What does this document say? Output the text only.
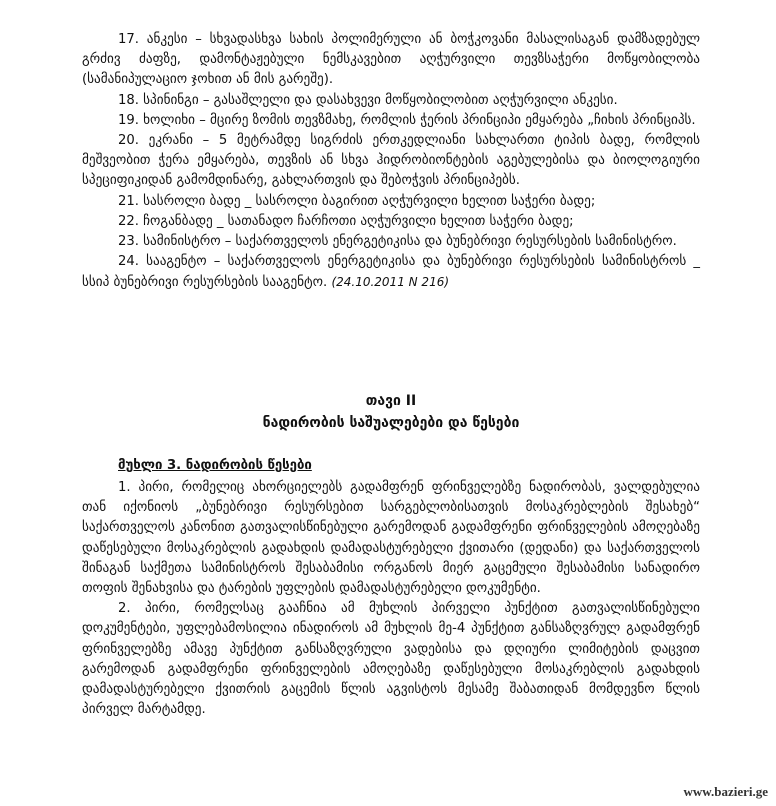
17. ანკესი – სხვადასხვა სახის პოლიმერული ან ბოჭკოვანი მასალისაგან დამზადებულ გრძივ ძაფზე, დამონტაჟებული ნემსკავებით აღჭურვილი თევზსაჭერი მოწყობილობა (სამანიპულაციო ჯოხით ან მის გარეშე).

18. სპინინგი – გასაშლელი და დასახვევი მოწყობილობით აღჭურვილი ანკესი.

19. ხოლიხი – მცირე ზომის თევზმახე, რომლის ჭერის პრინციპი ემყარება „ჩიხის პრინციპს.

20. ეკრანი – 5 მეტრამდე სიგრძის ერთკედლიანი სახლართი ტიპის ბადე, რომლის მეშვეობით ჭერა ემყარება, თევზის ან სხვა ჰიდრობიონტების აგებულებისა და ბიოლოგიური სპეციფიკიდან გამომდინარე, გახლართვის და შებოჭვის პრინციპებს.

21. სასროლი ბადე _ სასროლი ბაგირით აღჭურვილი ხელით საჭერი ბადე;

22. ჩოგანბადე _ სათანადო ჩარჩოთი აღჭურვილი ხელით საჭერი ბადე;

23. სამინისტრო – საქართველოს ენერგეტიკისა და ბუნებრივი რესურსების სამინისტრო.

24. სააგენტო – საქართველოს ენერგეტიკისა და ბუნებრივი რესურსების სამინისტროს _ სსიპ ბუნებრივი რესურსების სააგენტო. (24.10.2011 N 216)

თავი II
ნადირობის საშუალებები და წესები
მუხლი 3. ნადირობის წესები

1. პირი, რომელიც ახორციელებს გადამფრენ ფრინველებზე ნადირობას, ვალდებულია თან იქონიოს „ბუნებრივი რესურსებით სარგებლობისათვის მოსაკრებლების შესახებ“ საქართველოს კანონით გათვალისწინებული გარემოდან გადამფრენი ფრინველების ამოღებაზე დაწესებული მოსაკრებლის გადახდის დამადასტურებელი ქვითარი (დედანი) და საქართველოს შინაგან საქმეთა სამინისტროს შესაბამისი ორგანოს მიერ გაცემული შესაბამისი სანადირო თოფის შენახვისა და ტარების უფლების დამადასტურებელი დოკუმენტი.

2. პირი, რომელსაც გააჩნია ამ მუხლის პირველი პუნქტით გათვალისწინებული დოკუმენტები, უფლებამოსილია ინადიროს ამ მუხლის მე-4 პუნქტით განსაზღვრულ გადამფრენ ფრინველებზე ამავე პუნქტით განსაზღვრული ვადებისა და დღიური ლიმიტების დაცვით გარემოდან გადამფრენი ფრინველების ამოღებაზე დაწესებული მოსაკრებლის გადახდის დამადასტურებელი ქვითრის გაცემის წლის აგვისტოს მესამე შაბათიდან მომდევნო წლის პირველ მარტამდე.

www.bazieri.ge
